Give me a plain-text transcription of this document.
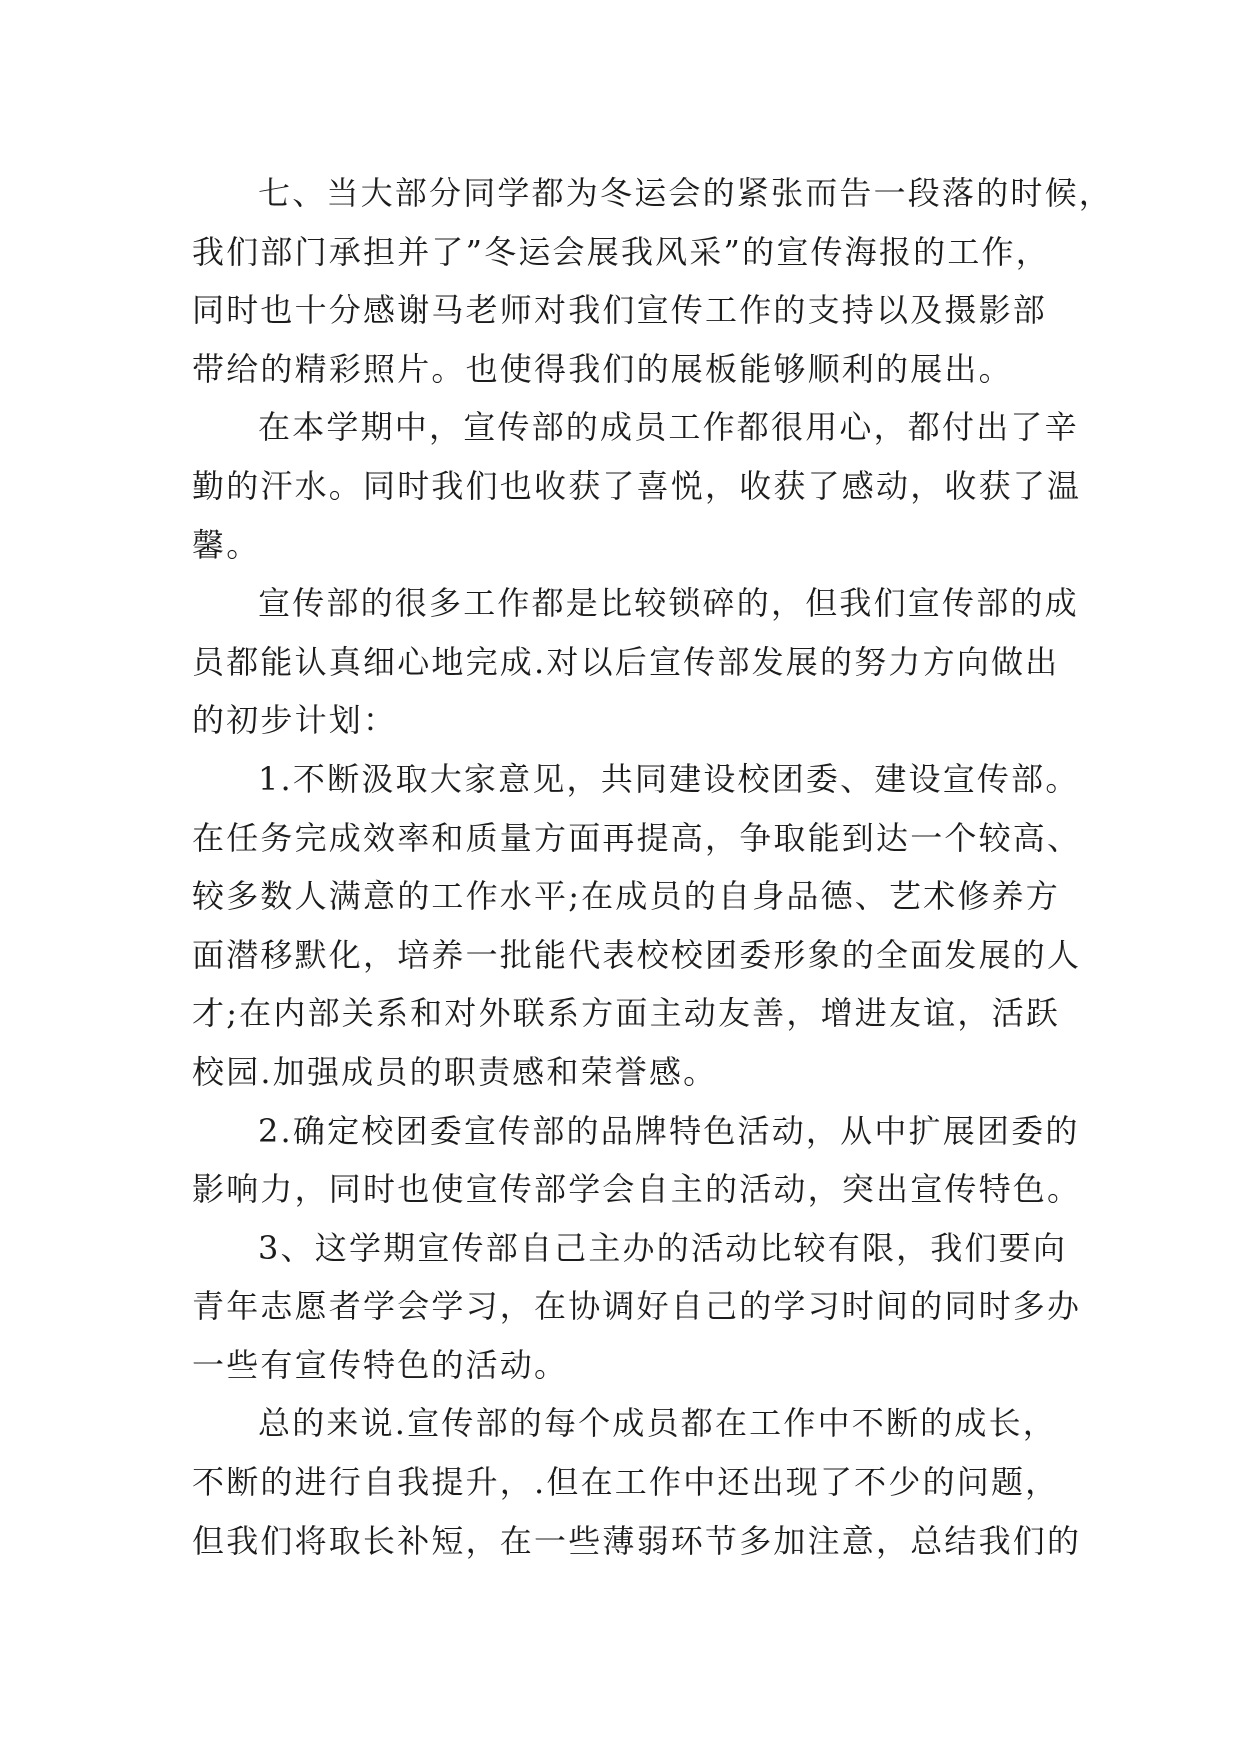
七、当大部分同学都为冬运会的紧张而告一段落的时候，
我们部门承担并了”冬运会展我风采”的宣传海报的工作，
同时也十分感谢马老师对我们宣传工作的支持以及摄影部
带给的精彩照片。也使得我们的展板能够顺利的展出。
在本学期中，宣传部的成员工作都很用心，都付出了辛
勤的汗水。同时我们也收获了喜悦，收获了感动，收获了温
馨。
宣传部的很多工作都是比较锁碎的，但我们宣传部的成
员都能认真细心地完成.对以后宣传部发展的努力方向做出
的初步计划：
1.不断汲取大家意见，共同建设校团委、建设宣传部。
在任务完成效率和质量方面再提高，争取能到达一个较高、
较多数人满意的工作水平;在成员的自身品德、艺术修养方
面潜移默化，培养一批能代表校校团委形象的全面发展的人
才;在内部关系和对外联系方面主动友善，增进友谊，活跃
校园.加强成员的职责感和荣誉感。
2.确定校团委宣传部的品牌特色活动，从中扩展团委的
影响力，同时也使宣传部学会自主的活动，突出宣传特色。
3、这学期宣传部自己主办的活动比较有限，我们要向
青年志愿者学会学习，在协调好自己的学习时间的同时多办
一些有宣传特色的活动。
总的来说.宣传部的每个成员都在工作中不断的成长，
不断的进行自我提升，.但在工作中还出现了不少的问题，
但我们将取长补短，在一些薄弱环节多加注意，总结我们的
